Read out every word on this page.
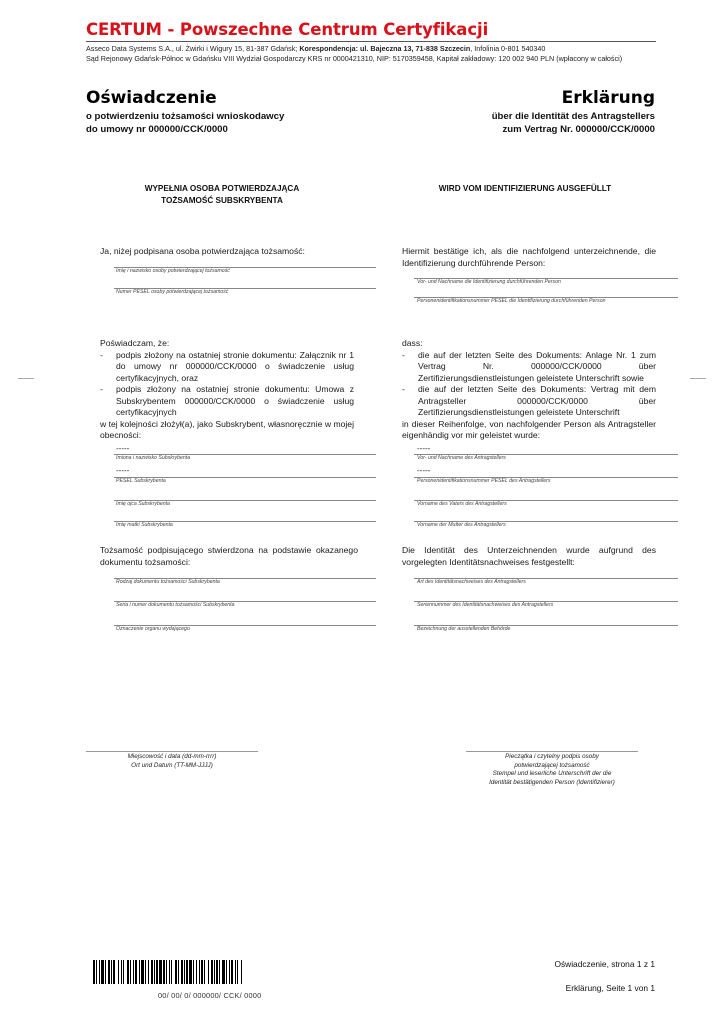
CERTUM - Powszechne Centrum Certyfikacji
Asseco Data Systems S.A., ul. Żwirki i Wigury 15, 81-387 Gdańsk; Korespondencja: ul. Bajeczna 13, 71-838 Szczecin, Infolinia 0-801 540340
Sąd Rejonowy Gdańsk-Północ w Gdańsku VIII Wydział Gospodarczy KRS nr 0000421310, NIP: 5170359458, Kapitał zakładowy: 120 002 940 PLN (wpłacony w całości)
Oświadczenie	Erklärung
o potwierdzeniu tożsamości wnioskodawcy
do umowy nr 000000/CCK/0000
über die Identität des Antragstellers
zum Vertrag Nr. 000000/CCK/0000
WYPEŁNIA OSOBA POTWIERDZAJĄCA
TOŻSAMOŚĆ SUBSKRYBENTA
WIRD VOM IDENTIFIZIERUNG AUSGEFÜLLT
Ja, niżej podpisana osoba potwierdzająca tożsamość:
Imię i nazwisko osoby potwierdzającej tożsamość
Numer PESEL osoby potwierdzającej tożsamość
Poświadczam, że:
- podpis złożony na ostatniej stronie dokumentu: Załącznik nr 1 do umowy nr 000000/CCK/0000 o świadczenie usług certyfikacyjnych, oraz
- podpis złożony na ostatniej stronie dokumentu: Umowa z Subskrybentem 000000/CCK/0000 o świadczenie usług certyfikacyjnych
w tej kolejności złożył(a), jako Subskrybent, własnoręcznie w mojej obecności:
-----
Imiona i nazwisko Subskrybenta
-----
PESEL Subskrybenta
Imię ojca Subskrybenta
Imię matki Subskrybenta
Tożsamość podpisującego stwierdzona na podstawie okazanego dokumentu tożsamości:
Rodzaj dokumentu tożsamości Subskrybenta
Seria i numer dokumentu tożsamości Subskrybenta
Oznaczenie organu wydającego
Hiermit bestätige ich, als die nachfolgend unterzeichnende, die Identifizierung durchführende Person:
Vor- und Nachname die Identifizierung durchführenden Person
Personenidentifikationsnummer PESEL die Identifizierung durchführenden Person
dass:
- die auf der letzten Seite des Dokuments: Anlage Nr. 1 zum Vertrag Nr. 000000/CCK/0000 über Zertifizierungsdienstleistungen geleistete Unterschrift sowie
- die auf der letzten Seite des Dokuments: Vertrag mit dem Antragsteller 000000/CCK/0000 über Zertifizierungsdienstleistungen geleistete Unterschrift
in dieser Reihenfolge, von nachfolgender Person als Antragsteller eigenhändig vor mir geleistet wurde:
-----
Vor- und Nachname des Antragstellers
-----
Personenidentifikationsnummer PESEL des Antragstellers
Vorname des Vaters des Antragstellers
Vorname der Mutter des Antragstellers
Die Identität des Unterzeichnenden wurde aufgrund des vorgelegten Identitätsnachweises festgestellt:
Art des Identitätsnachweises des Antragstellers
Seriennummer des Identitätsnachweises des Antragstellers
Bezeichnung der ausstellenden Behörde
Miejscowość i data (dd-mm-rrrr)
Ort und Datum (TT-MM-JJJJ)
Pieczątka i czytelny podpis osoby
potwierdzającej tożsamość
Stempel und leserliche Unterschrift der die
Identität bestätigenden Person (Identifizierer)
00/ 00/ 0/ 000000/ CCK/ 0000
Oświadczenie, strona 1 z 1
Erklärung, Seite 1 von 1
